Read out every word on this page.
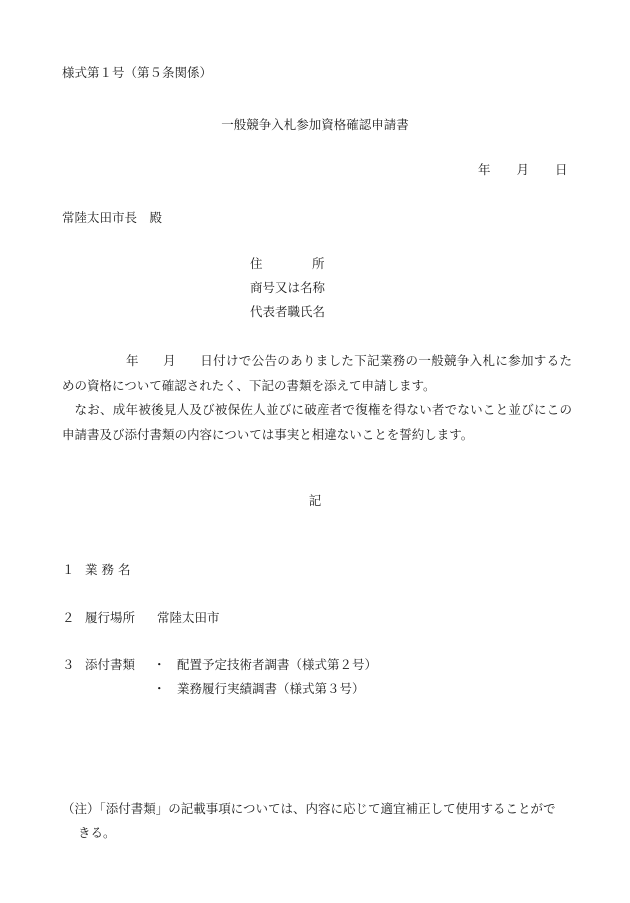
様式第１号（第５条関係）
一般競争入札参加資格確認申請書
年 月 日
常陸太田市長　殿
住	所
商号又は名称
代表者職氏名

年 月 日付けで公告のありました下記業務の一般競争入札に参加するための資格について確認されたく、下記の書類を添えて申請します。

なお、成年被後見人及び被保佐人並びに破産者で復権を得ない者でないこと並びにこの申請書及び添付書類の内容については事実と相違ないことを誓約します。

記
１ 業 務 名
２ 履行場所 常陸太田市
３ 添付書類 ・ 配置予定技術者調書（様式第２号）
・ 業務履行実績調書（様式第３号）
（注）「添付書類」の記載事項については、内容に応じて適宜補正して使用することがで
きる。
